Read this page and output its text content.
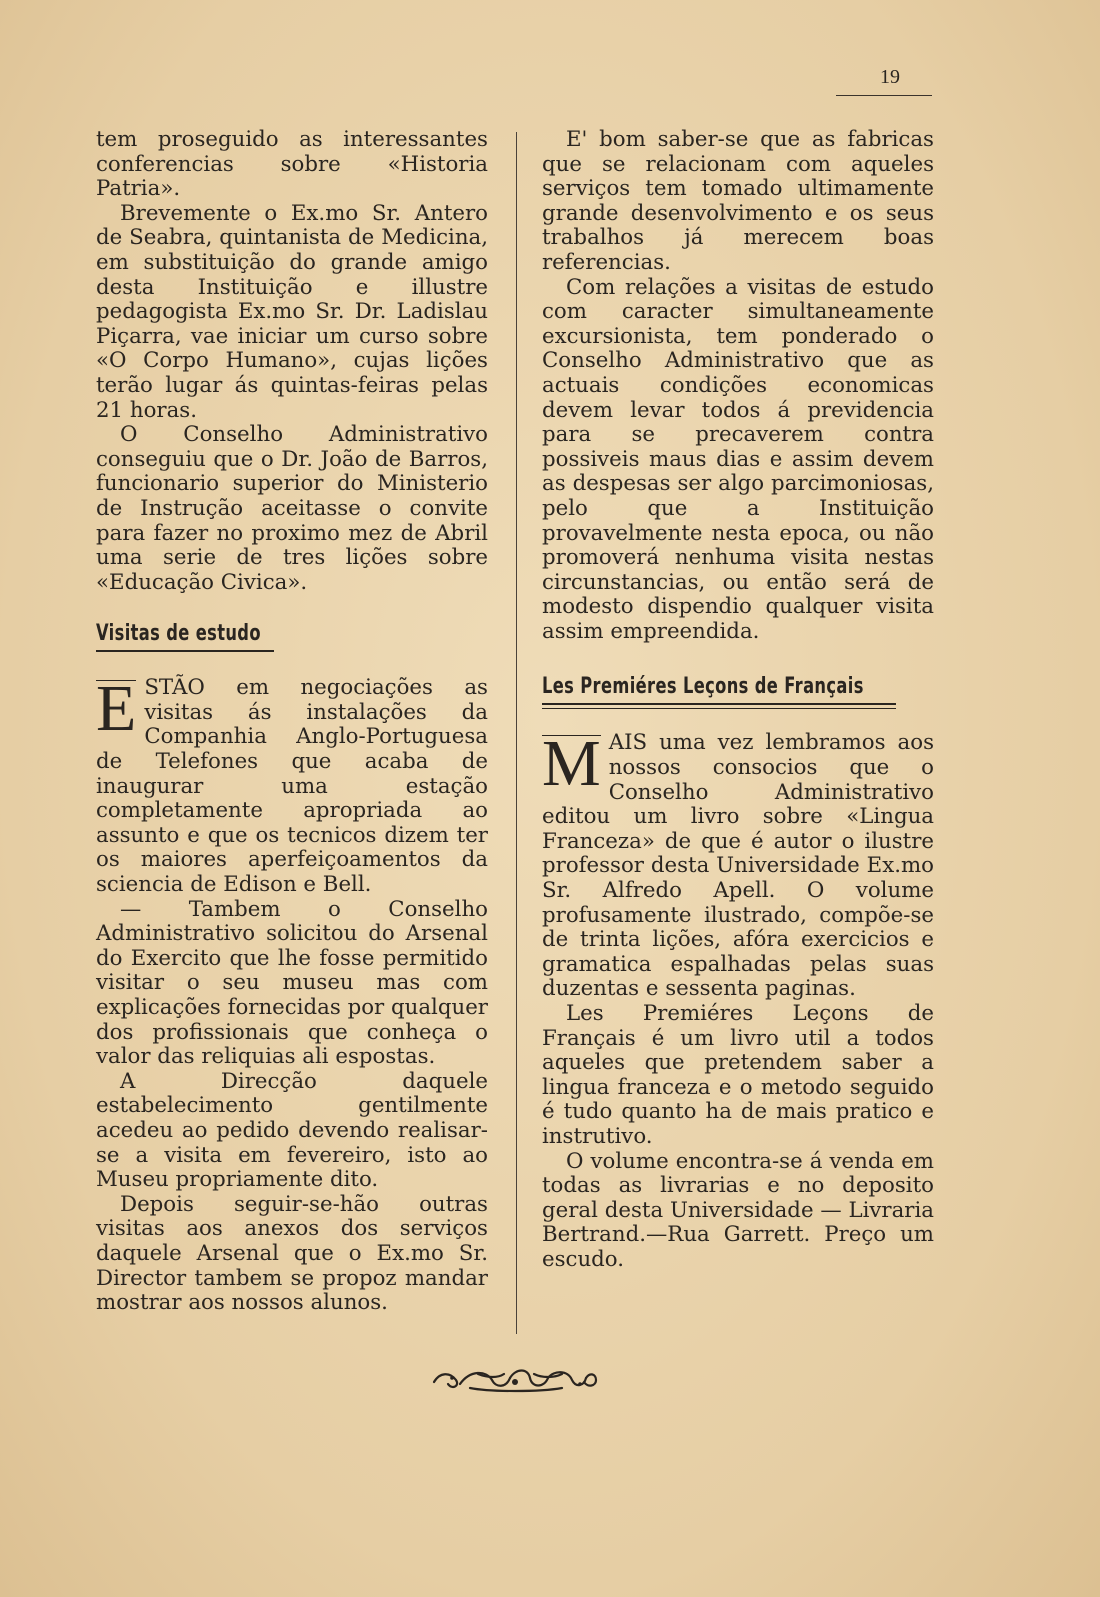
19

tem proseguido as interessantes conferencias sobre «Historia Patria».

Brevemente o Ex.mo Sr. Antero de Seabra, quintanista de Medicina, em substituição do grande amigo desta Instituição e illustre pedagogista Ex.mo Sr. Dr. Ladislau Piçarra, vae iniciar um curso sobre «O Corpo Humano», cujas lições terão lugar ás quintas-feiras pelas 21 horas.

O Conselho Administrativo conseguiu que o Dr. João de Barros, funcionario superior do Ministerio de Instrução aceitasse o convite para fazer no proximo mez de Abril uma serie de tres lições sobre «Educação Civica».

Visitas de estudo

E STÃO em negociações as visitas ás instalações da Companhia Anglo-Portuguesa de Telefones que acaba de inaugurar uma estação completamente apropriada ao assunto e que os tecnicos dizem ter os maiores aperfeiçoamentos da sciencia de Edison e Bell.

— Tambem o Conselho Administrativo solicitou do Arsenal do Exercito que lhe fosse permitido visitar o seu museu mas com explicações fornecidas por qualquer dos profissionais que conheça o valor das reliquias ali espostas.

A Direcção daquele estabelecimento gentilmente acedeu ao pedido devendo realisar-se a visita em fevereiro, isto ao Museu propriamente dito.

Depois seguir-se-hão outras visitas aos anexos dos serviços daquele Arsenal que o Ex.mo Sr. Director tambem se propoz mandar mostrar aos nossos alunos.

E' bom saber-se que as fabricas que se relacionam com aqueles serviços tem tomado ultimamente grande desenvolvimento e os seus trabalhos já merecem boas referencias.

Com relações a visitas de estudo com caracter simultaneamente excursionista, tem ponderado o Conselho Administrativo que as actuais condições economicas devem levar todos á previdencia para se precaverem contra possiveis maus dias e assim devem as despesas ser algo parcimoniosas, pelo que a Instituição provavelmente nesta epoca, ou não promoverá nenhuma visita nestas circunstancias, ou então será de modesto dispendio qualquer visita assim empreendida.

Les Premiéres Leçons de Français

M AIS uma vez lembramos aos nossos consocios que o Conselho Administrativo editou um livro sobre «Lingua Franceza» de que é autor o ilustre professor desta Universidade Ex.mo Sr. Alfredo Apell. O volume profusamente ilustrado, compõe-se de trinta lições, afóra exercicios e gramatica espalhadas pelas suas duzentas e sessenta paginas.

Les Premiéres Leçons de Français é um livro util a todos aqueles que pretendem saber a lingua franceza e o metodo seguido é tudo quanto ha de mais pratico e instrutivo.

O volume encontra-se á venda em todas as livrarias e no deposito geral desta Universidade — Livraria Bertrand.—Rua Garrett. Preço um escudo.
